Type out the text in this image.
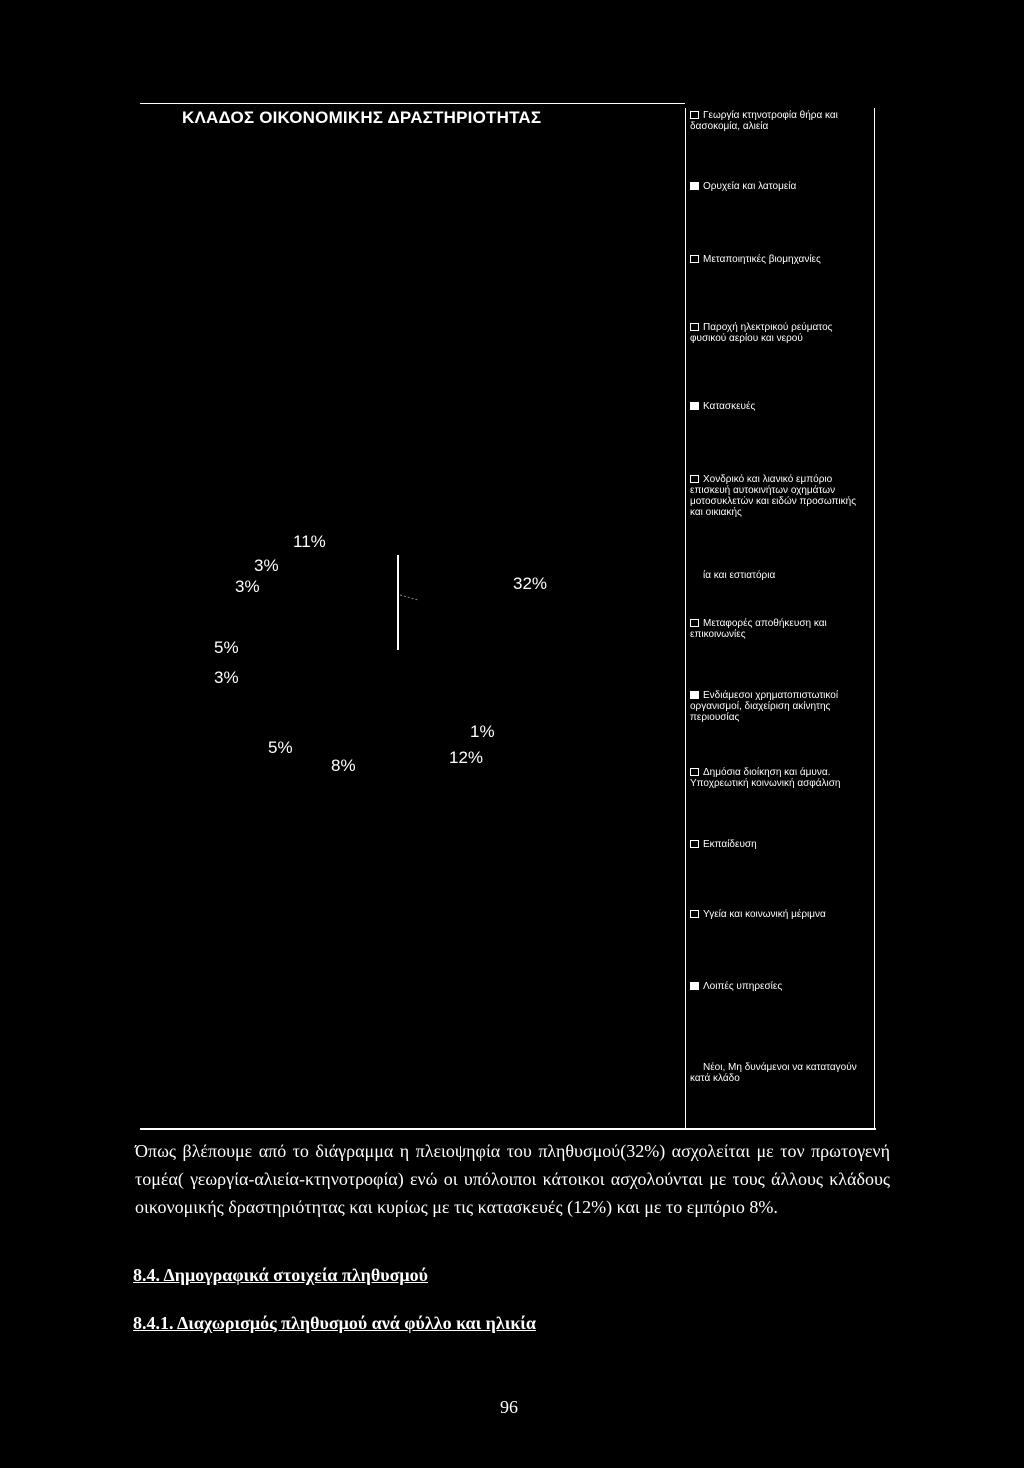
ΚΛΑΔΟΣ ΟΙΚΟΝΟΜΙΚΗΣ ΔΡΑΣΤΗΡΙΟΤΗΤΑΣ	Γεωργία κτηνοτροφία θήρα και δασοκομία, αλιεία
Ορυχεία και λατομεία
Μεταποιητικές βιομηχανίες
Παροχή ηλεκτρικού ρεύματος φυσικού αερίου και νερού
Κατασκευές
Χονδρικό και λιανικό εμπόριο επισκευή αυτοκινήτων οχημάτων μοτοσυκλετών και ειδών προσωπικής και οικιακής
ία και εστιατόρια
Μεταφορές αποθήκευση και επικοινωνίες
Ενδιάμεσοι χρηματοπιστωτικοί οργανισμοί, διαχείριση ακίνητης περιουσίας
Δημόσια διοίκηση και άμυνα. Υποχρεωτική κοινωνική ασφάλιση
Εκπαίδευση
Υγεία και κοινωνική μέριμνα
Λοιπές υπηρεσίες
Νέοι, Μη δυνάμενοι να καταταγούν κατά κλάδο
32%
1%
12%
8%
5%
3%
5%
3%
3%
11%
Όπως βλέπουμε από το διάγραμμα η πλειοψηφία του πληθυσμού(32%) ασχολείται με τον πρωτογενή τομέα( γεωργία-αλιεία-κτηνοτροφία) ενώ οι υπόλοιποι κάτοικοι ασχολούνται με τους άλλους κλάδους οικονομικής δραστηριότητας και κυρίως με τις κατασκευές (12%) και με το εμπόριο 8%.
8.4. Δημογραφικά στοιχεία πληθυσμού
8.4.1. Διαχωρισμός πληθυσμού ανά φύλλο και ηλικία
96
